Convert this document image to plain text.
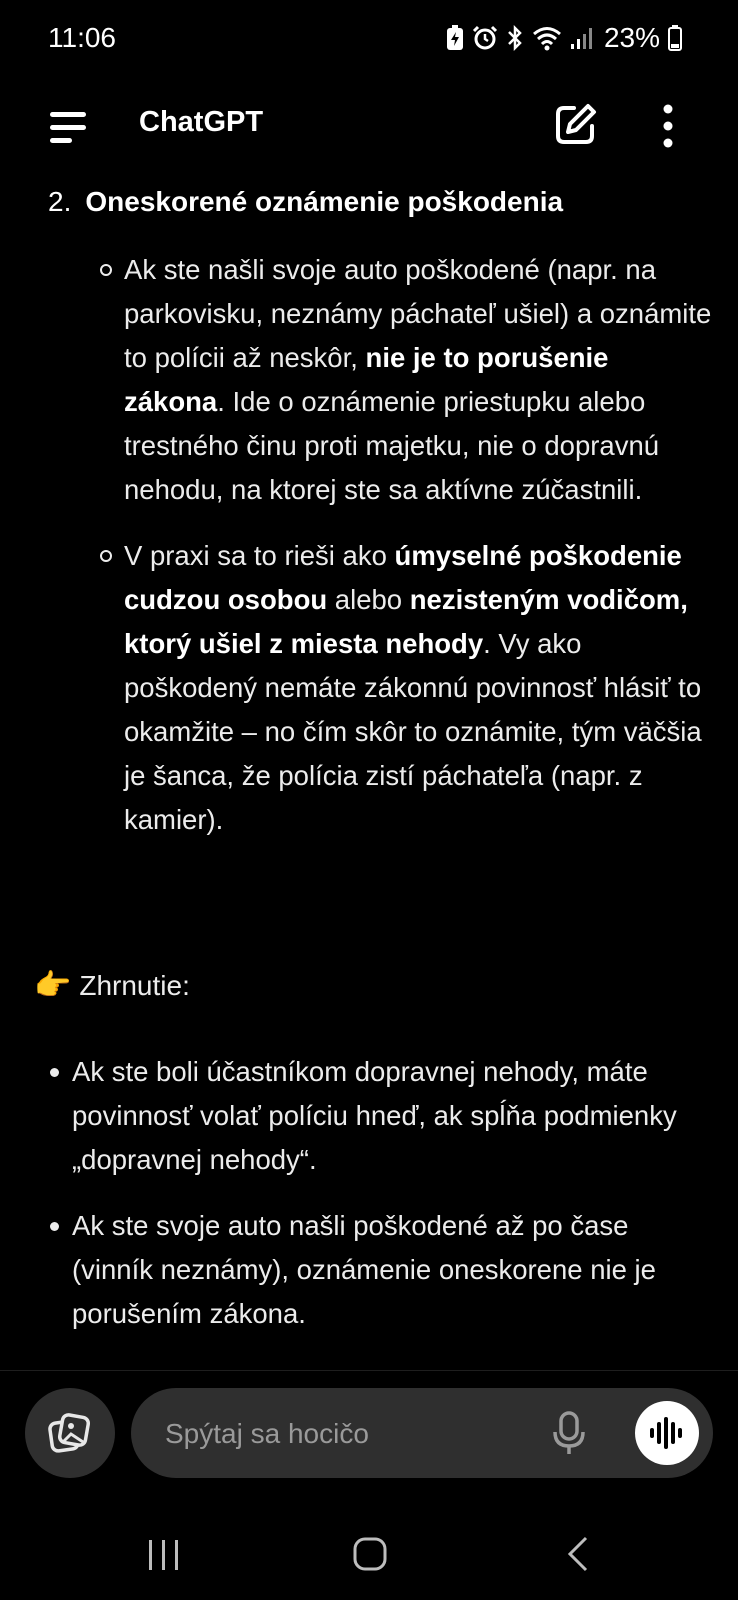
11:06	23%
ChatGPT
2. Oneskorené oznámenie poškodenia
Ak ste našli svoje auto poškodené (napr. na parkovisku, neznámy páchateľ ušiel) a oznámite to polícii až neskôr, nie je to porušenie zákona. Ide o oznámenie priestupku alebo trestného činu proti majetku, nie o dopravnú nehodu, na ktorej ste sa aktívne zúčastnili.
V praxi sa to rieši ako úmyselné poškodenie cudzou osobou alebo nezisteným vodičom, ktorý ušiel z miesta nehody. Vy ako poškodený nemáte zákonnú povinnosť hlásiť to okamžite – no čím skôr to oznámite, tým väčšia je šanca, že polícia zistí páchateľa (napr. z kamier).
👉 Zhrnutie:
Ak ste boli účastníkom dopravnej nehody, máte povinnosť volať políciu hneď, ak spĺňa podmienky „dopravnej nehody“.
Ak ste svoje auto našli poškodené až po čase (vinník neznámy), oznámenie oneskorene nie je porušením zákona.
Spýtaj sa hocičo
